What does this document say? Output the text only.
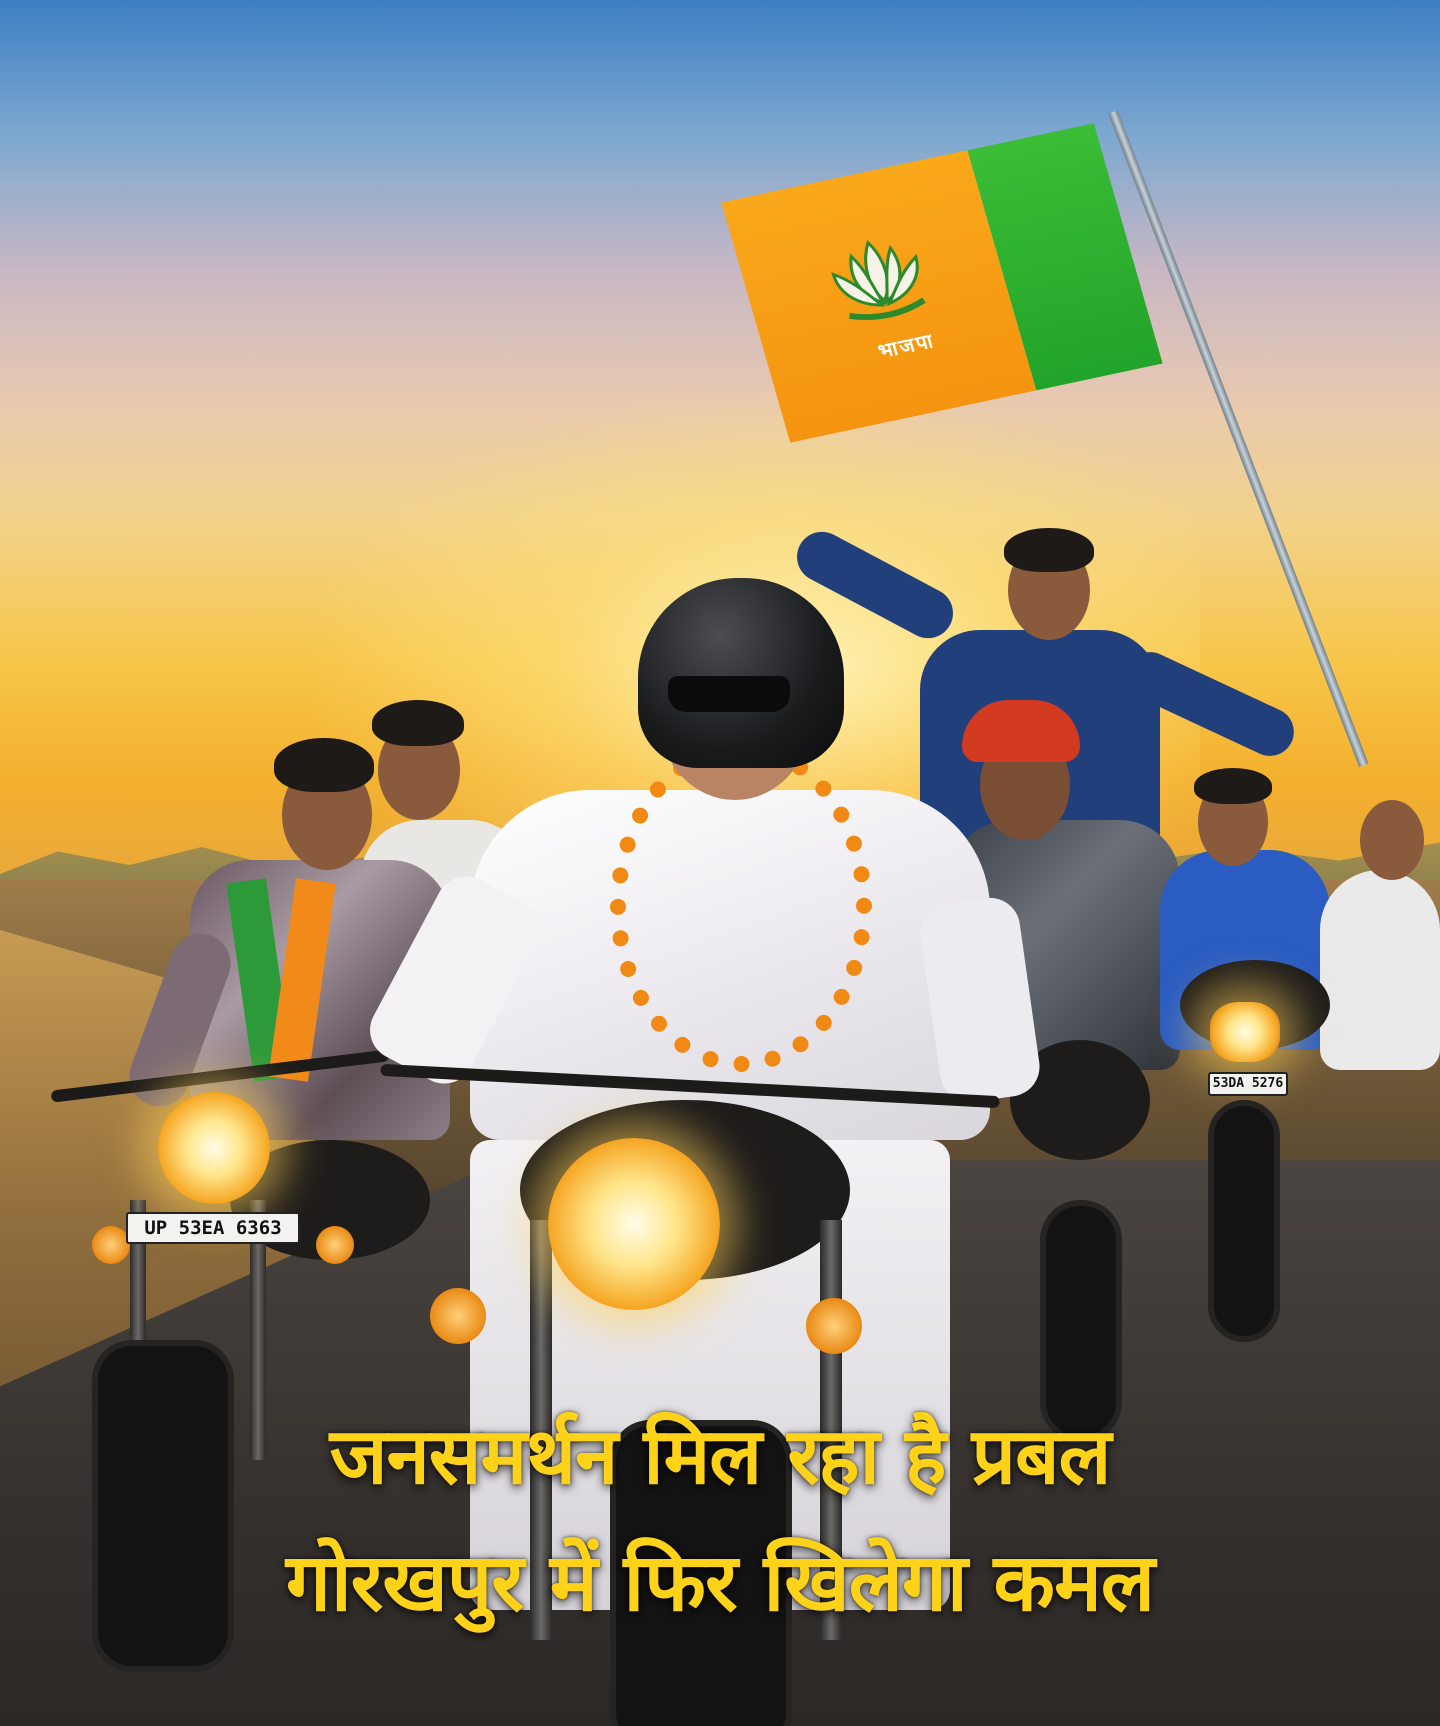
भाजपा
UP 53EA 6363
53DA 5276
जनसमर्थन मिल रहा है प्रबल
गोरखपुर में फिर खिलेगा कमल
